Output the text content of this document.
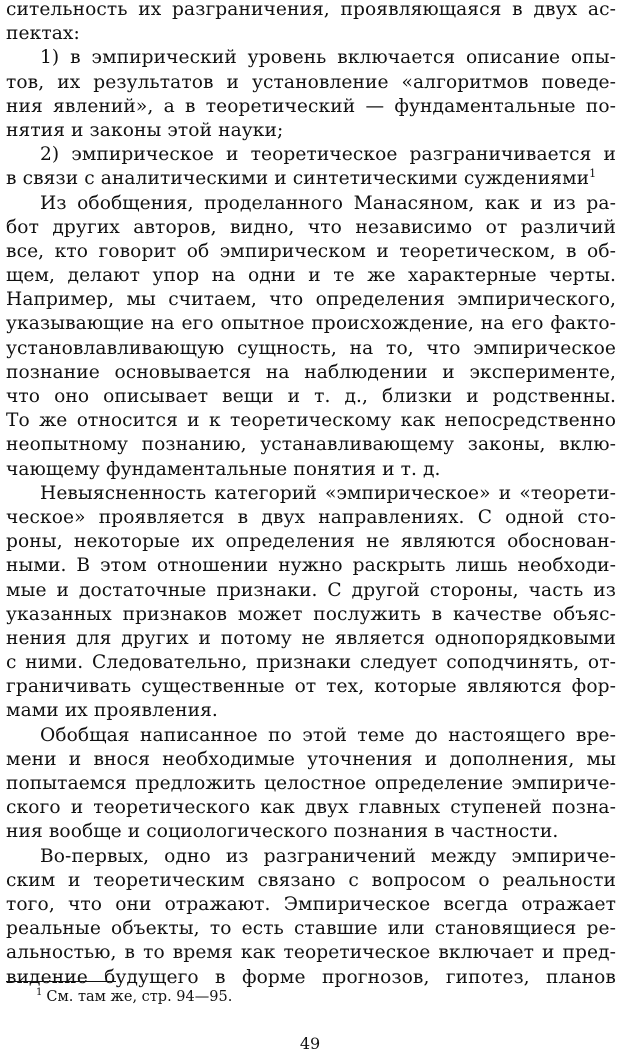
сительность их разграничения, проявляющаяся в двух ас-
пектах:
1) в эмпирический уровень включается описание опы-
тов, их результатов и установление «алгоритмов поведе-
ния явлений», а в теоретический — фундаментальные по-
нятия и законы этой науки;
2) эмпирическое и теоретическое разграничивается и
в связи с аналитическими и синтетическими суждениями$^1$
Из обобщения, проделанного Манасяном, как и из ра-
бот других авторов, видно, что независимо от различий
все, кто говорит об эмпирическом и теоретическом, в об-
щем, делают упор на одни и те же характерные черты.
Например, мы считаем, что определения эмпирического,
указывающие на его опытное происхождение, на его факто-
установлавливающую сущность, на то, что эмпирическое
познание основывается на наблюдении и эксперименте,
что оно описывает вещи и т. д., близки и родственны.
То же относится и к теоретическому как непосредственно
неопытному познанию, устанавливающему законы, вклю-
чающему фундаментальные понятия и т. д.
Невыясненность категорий «эмпирическое» и «теорети-
ческое» проявляется в двух направлениях. С одной сто-
роны, некоторые их определения не являются обоснован-
ными. В этом отношении нужно раскрыть лишь необходи-
мые и достаточные признаки. С другой стороны, часть из
указанных признаков может послужить в качестве объяс-
нения для других и потому не является однопорядковыми
с ними. Следовательно, признаки следует соподчинять, от-
граничивать существенные от тех, которые являются фор-
мами их проявления.
Обобщая написанное по этой теме до настоящего вре-
мени и внося необходимые уточнения и дополнения, мы
попытаемся предложить целостное определение эмпириче-
ского и теоретического как двух главных ступеней позна-
ния вообще и социологического познания в частности.
Во-первых, одно из разграничений между эмпириче-
ским и теоретическим связано с вопросом о реальности
того, что они отражают. Эмпирическое всегда отражает
реальные объекты, то есть ставшие или становящиеся ре-
альностью, в то время как теоретическое включает и пред-
видение будущего в форме прогнозов, гипотез, планов
$^1$ См. там же, стр. 94—95.
49
